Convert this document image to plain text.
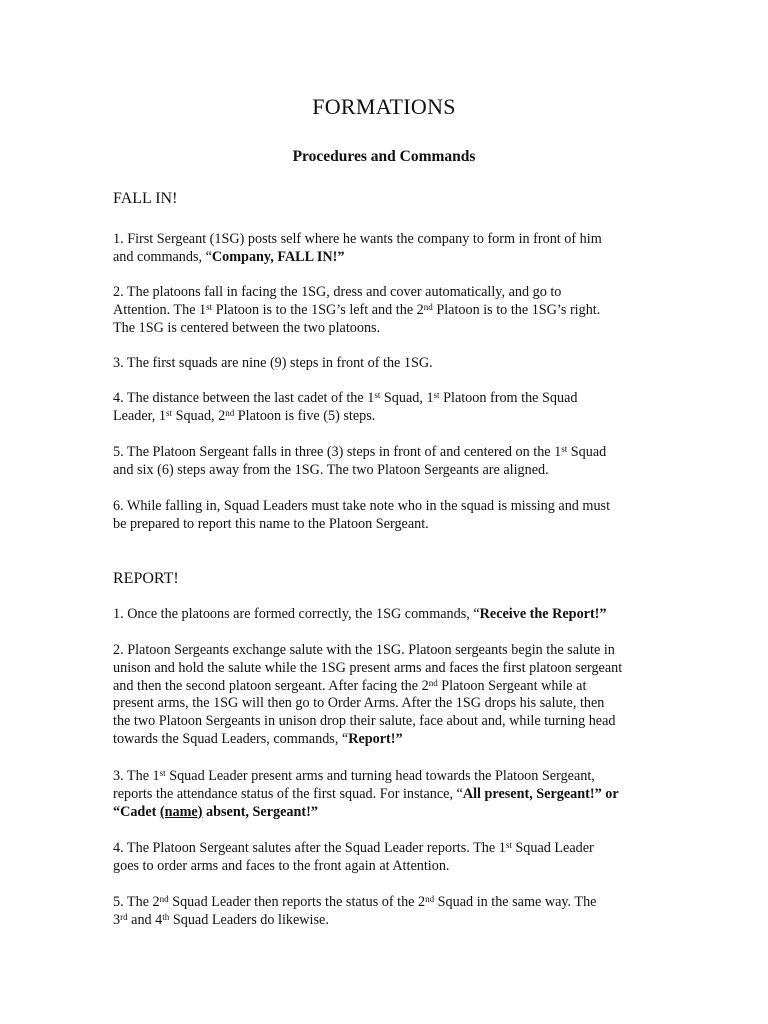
FORMATIONS
Procedures and Commands
FALL IN!
1. First Sergeant (1SG) posts self where he wants the company to form in front of him
and commands, “Company, FALL IN!”
2. The platoons fall in facing the 1SG, dress and cover automatically, and go to
Attention. The 1st Platoon is to the 1SG’s left and the 2nd Platoon is to the 1SG’s right.
The 1SG is centered between the two platoons.
3. The first squads are nine (9) steps in front of the 1SG.
4. The distance between the last cadet of the 1st Squad, 1st Platoon from the Squad
Leader, 1st Squad, 2nd Platoon is five (5) steps.
5. The Platoon Sergeant falls in three (3) steps in front of and centered on the 1st Squad
and six (6) steps away from the 1SG. The two Platoon Sergeants are aligned.
6. While falling in, Squad Leaders must take note who in the squad is missing and must
be prepared to report this name to the Platoon Sergeant.
REPORT!
1. Once the platoons are formed correctly, the 1SG commands, “Receive the Report!”
2. Platoon Sergeants exchange salute with the 1SG. Platoon sergeants begin the salute in
unison and hold the salute while the 1SG present arms and faces the first platoon sergeant
and then the second platoon sergeant. After facing the 2nd Platoon Sergeant while at
present arms, the 1SG will then go to Order Arms. After the 1SG drops his salute, then
the two Platoon Sergeants in unison drop their salute, face about and, while turning head
towards the Squad Leaders, commands, “Report!”
3. The 1st Squad Leader present arms and turning head towards the Platoon Sergeant,
reports the attendance status of the first squad. For instance, “All present, Sergeant!” or
“Cadet (name) absent, Sergeant!”
4. The Platoon Sergeant salutes after the Squad Leader reports. The 1st Squad Leader
goes to order arms and faces to the front again at Attention.
5. The 2nd Squad Leader then reports the status of the 2nd Squad in the same way. The
3rd and 4th Squad Leaders do likewise.
